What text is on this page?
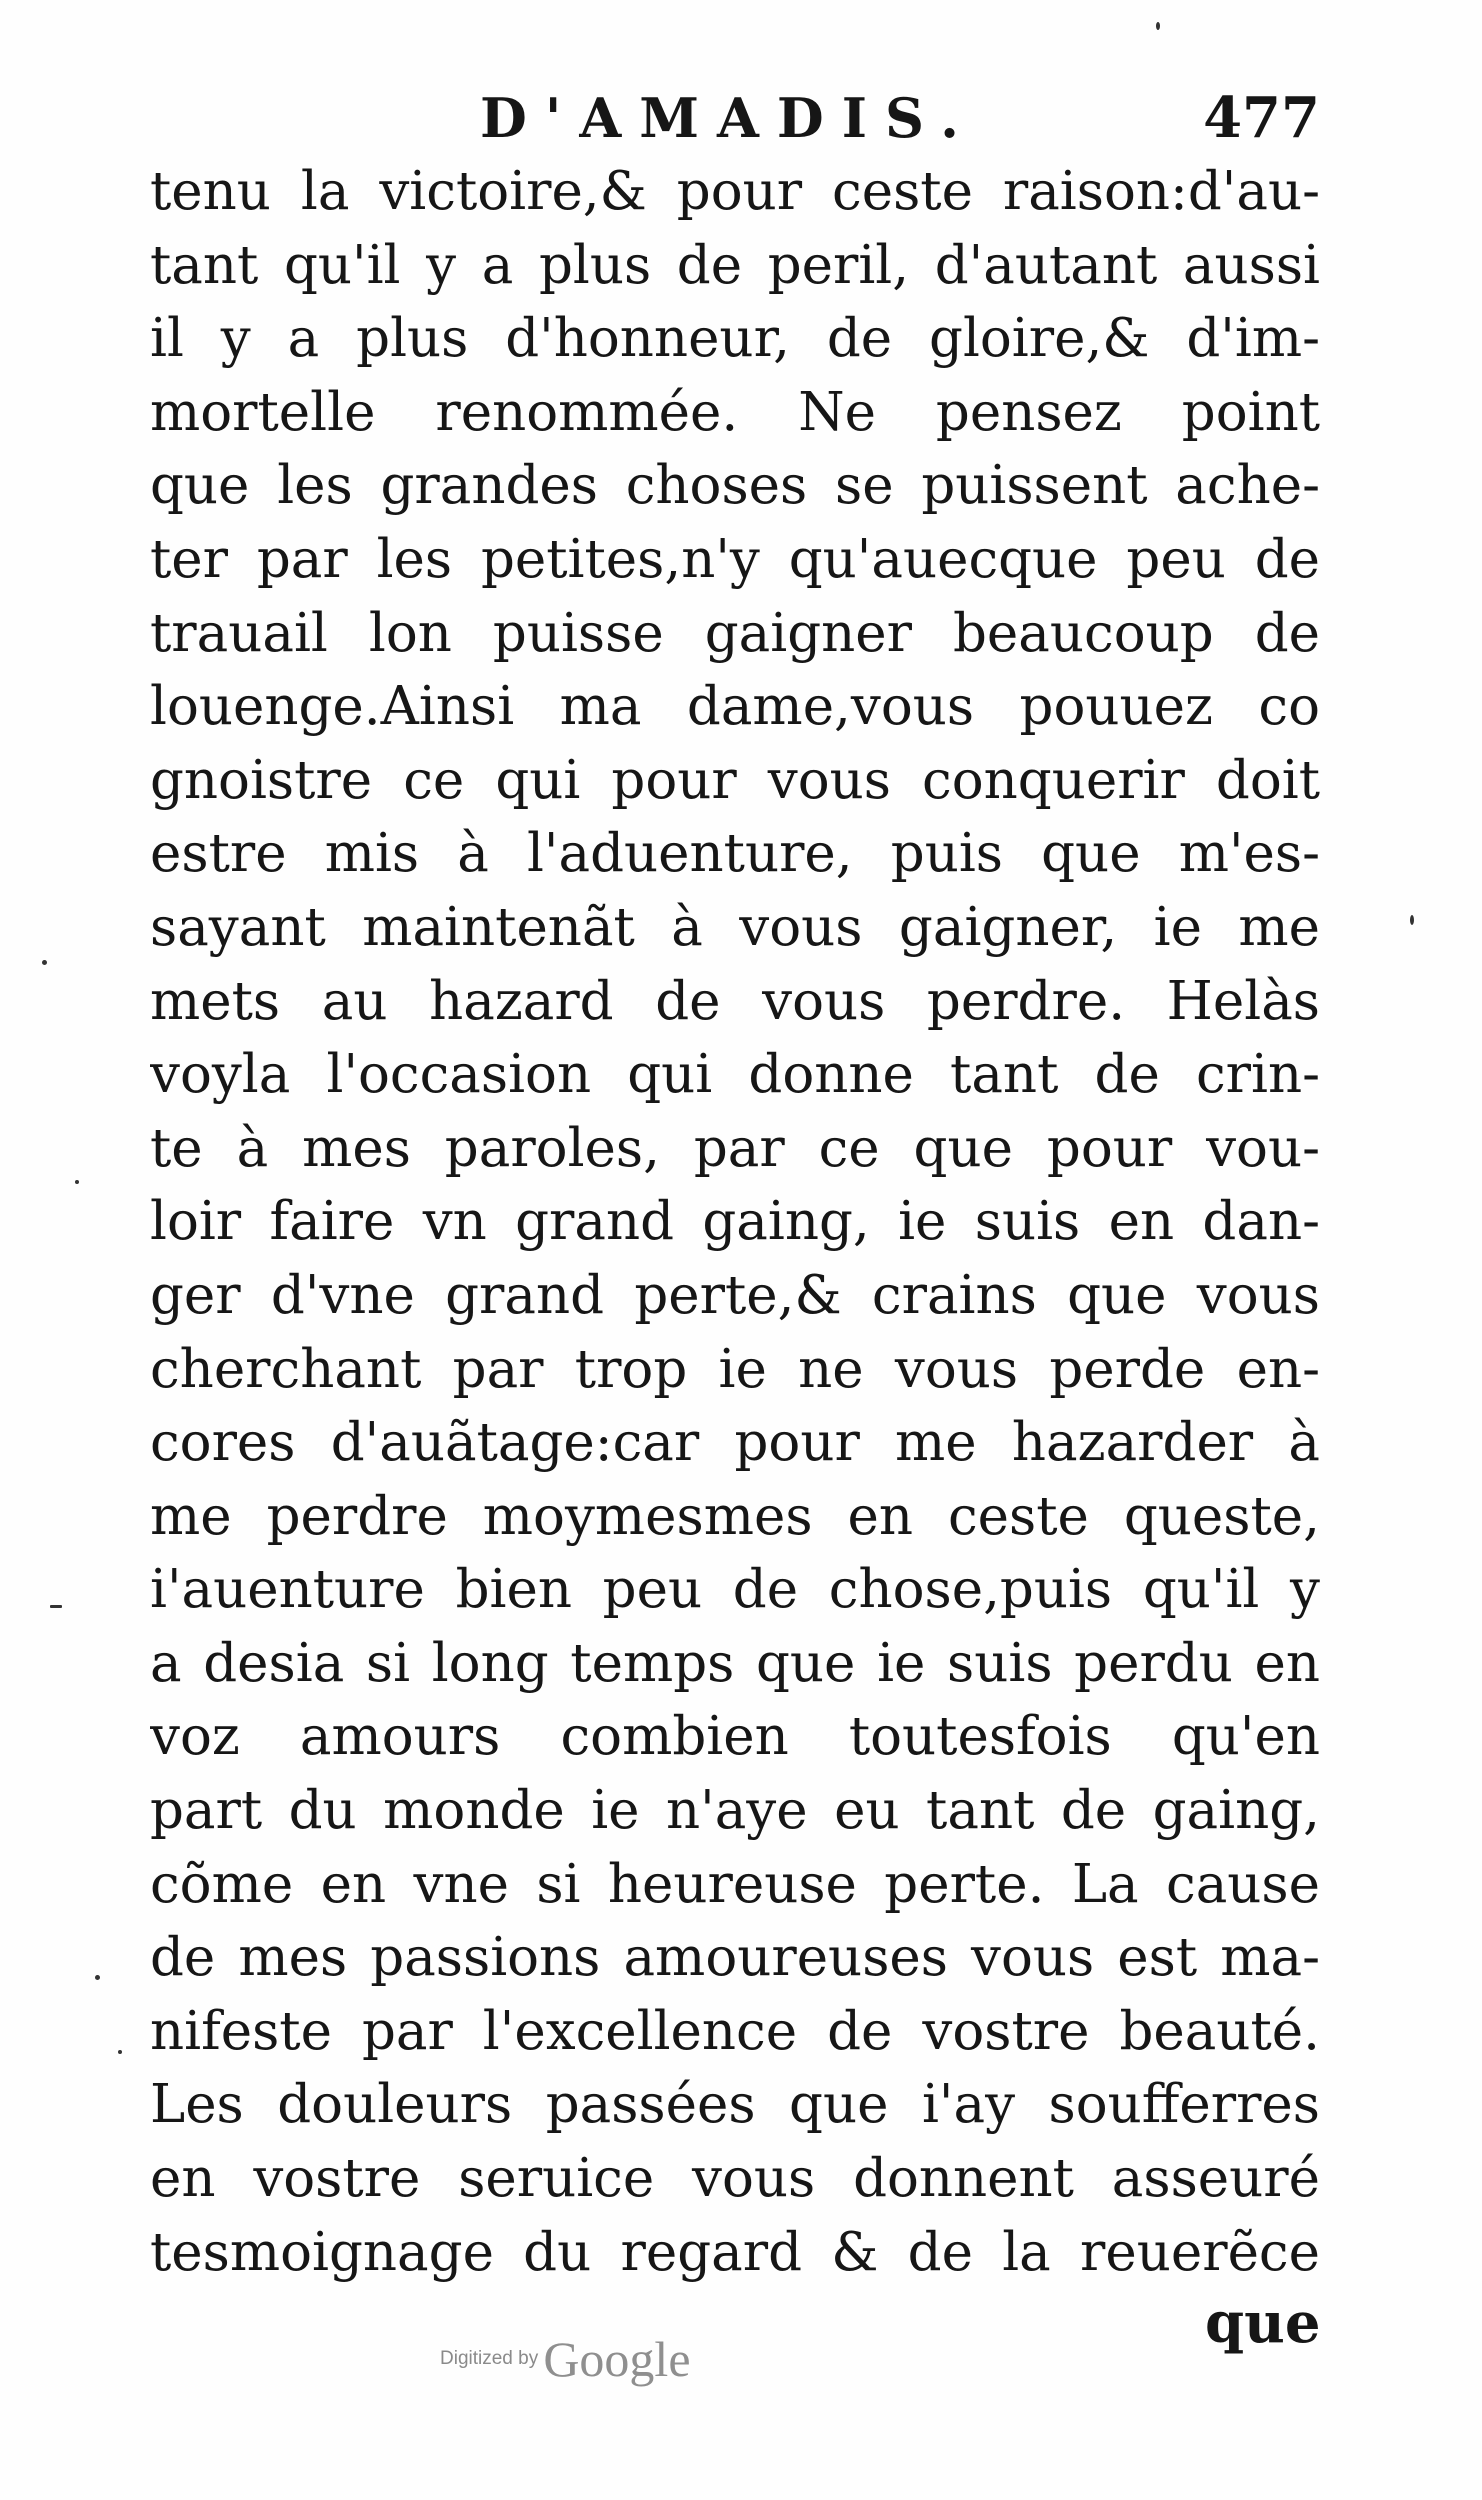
D'AMADIS.	477
tenu la victoire,& pour ceste raison:d'au-
tant qu'il y a plus de peril, d'autant aussi
il y a plus d'honneur, de gloire,& d'im-
mortelle renommée. Ne pensez point
que les grandes choses se puissent ache-
ter par les petites,n'y qu'auecque peu de
trauail lon puisse gaigner beaucoup de
louenge.Ainsi ma dame,vous pouuez co
gnoistre ce qui pour vous conquerir doit
estre mis à l'aduenture, puis que m'es-
sayant maintenãt à vous gaigner, ie me
mets au hazard de vous perdre. Helàs
voyla l'occasion qui donne tant de crin-
te à mes paroles, par ce que pour vou-
loir faire vn grand gaing, ie suis en dan-
ger d'vne grand perte,& crains que vous
cherchant par trop ie ne vous perde en-
cores d'auãtage:car pour me hazarder à
me perdre moymesmes en ceste queste,
i'auenture bien peu de chose,puis qu'il y
a desia si long temps que ie suis perdu en
voz amours combien toutesfois qu'en
part du monde ie n'aye eu tant de gaing,
cõme en vne si heureuse perte. La cause
de mes passions amoureuses vous est ma-
nifeste par l'excellence de vostre beauté.
Les douleurs passées que i'ay soufferres
en vostre seruice vous donnent asseuré
tesmoignage du regard & de la reuerẽce
que
Digitized by Google
